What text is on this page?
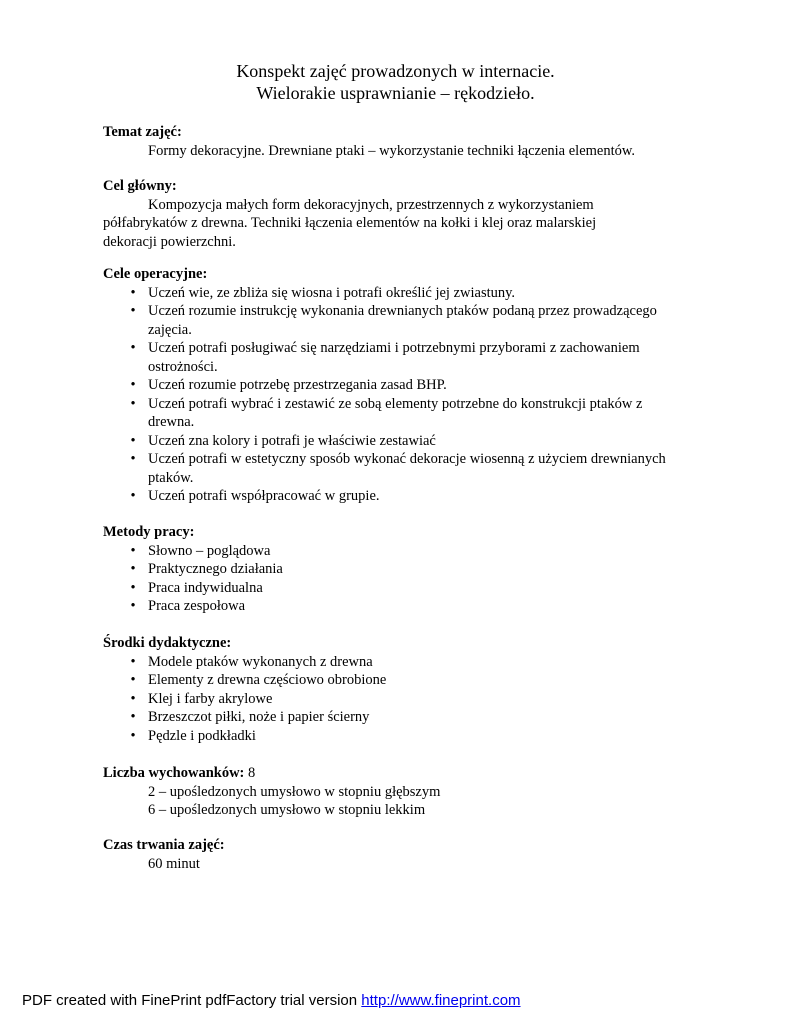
Konspekt zajęć prowadzonych w internacie.
Wielorakie usprawnianie – rękodzieło.
Temat zajęć:
Formy dekoracyjne. Drewniane ptaki – wykorzystanie techniki łączenia elementów.
Cel główny:
Kompozycja małych form dekoracyjnych, przestrzennych z wykorzystaniem półfabrykatów z drewna. Techniki łączenia elementów na kołki i klej oraz malarskiej dekoracji powierzchni.
Cele operacyjne:
• Uczeń wie, ze zbliża się wiosna i potrafi określić jej zwiastuny.
• Uczeń rozumie instrukcję wykonania drewnianych ptaków podaną przez prowadzącego zajęcia.
• Uczeń potrafi posługiwać się narzędziami i potrzebnymi przyborami z zachowaniem ostrożności.
• Uczeń rozumie potrzebę przestrzegania zasad BHP.
• Uczeń potrafi wybrać i zestawić ze sobą elementy potrzebne do konstrukcji ptaków z drewna.
• Uczeń zna kolory i potrafi je właściwie zestawiać
• Uczeń potrafi w estetyczny sposób wykonać dekoracje wiosenną z użyciem drewnianych ptaków.
• Uczeń potrafi współpracować w grupie.
Metody pracy:
• Słowno – poglądowa
• Praktycznego działania
• Praca indywidualna
• Praca zespołowa
Środki dydaktyczne:
• Modele ptaków wykonanych z drewna
• Elementy z drewna częściowo obrobione
• Klej i farby akrylowe
• Brzeszczot piłki, noże i papier ścierny
• Pędzle i podkładki
Liczba wychowanków: 8
2 – upośledzonych umysłowo w stopniu głębszym
6 – upośledzonych umysłowo w stopniu lekkim
Czas trwania zajęć:
60 minut
PDF created with FinePrint pdfFactory trial version http://www.fineprint.com
